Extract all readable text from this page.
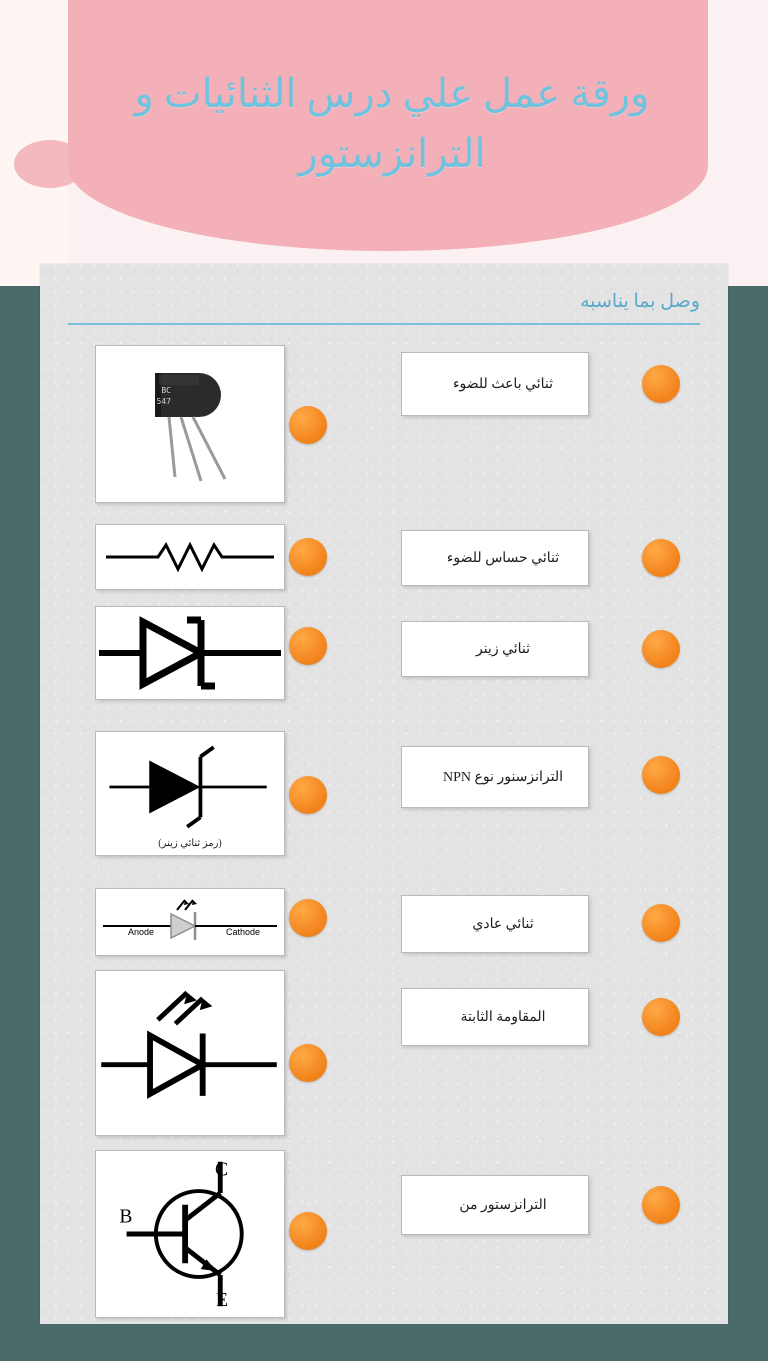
ورقة عمل علي درس الثنائيات و الترانزستور
وصل بما يناسبه
ثنائي باعث للضوء
BC
547
ثنائي حساس للضوء
ثنائي زينر
الترانزسنور نوع NPN
(رمز ثنائي زينر)
ثنائي عادي
Anode	Cathode
المقاومة الثابتة
الترانزستور من
C
B
E
